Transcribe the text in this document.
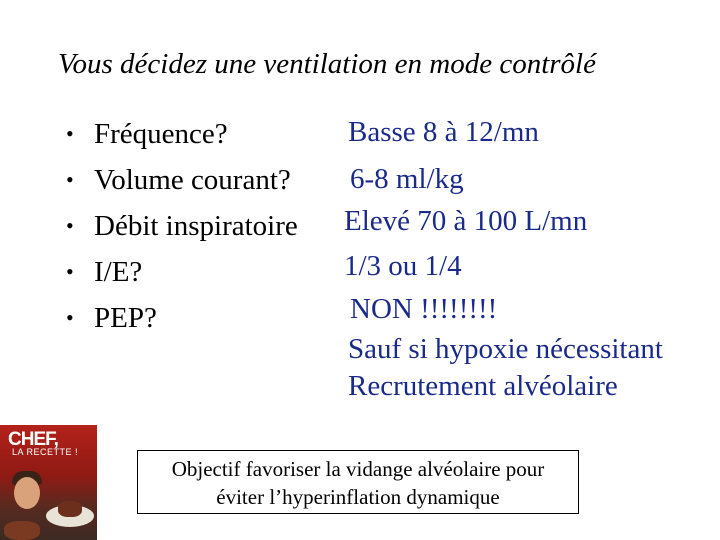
Vous décidez une ventilation en mode contrôlé
• Fréquence?
• Volume courant?
• Débit inspiratoire
• I/E?
• PEP?
Basse 8 à 12/mn
6-8 ml/kg
Elevé 70 à 100 L/mn
1/3 ou 1/4
NON !!!!!!!!
Sauf si hypoxie nécessitant
Recrutement alvéolaire
CHEF,
LA RECETTE !
Objectif favoriser la vidange alvéolaire pour
éviter l’hyperinflation dynamique
